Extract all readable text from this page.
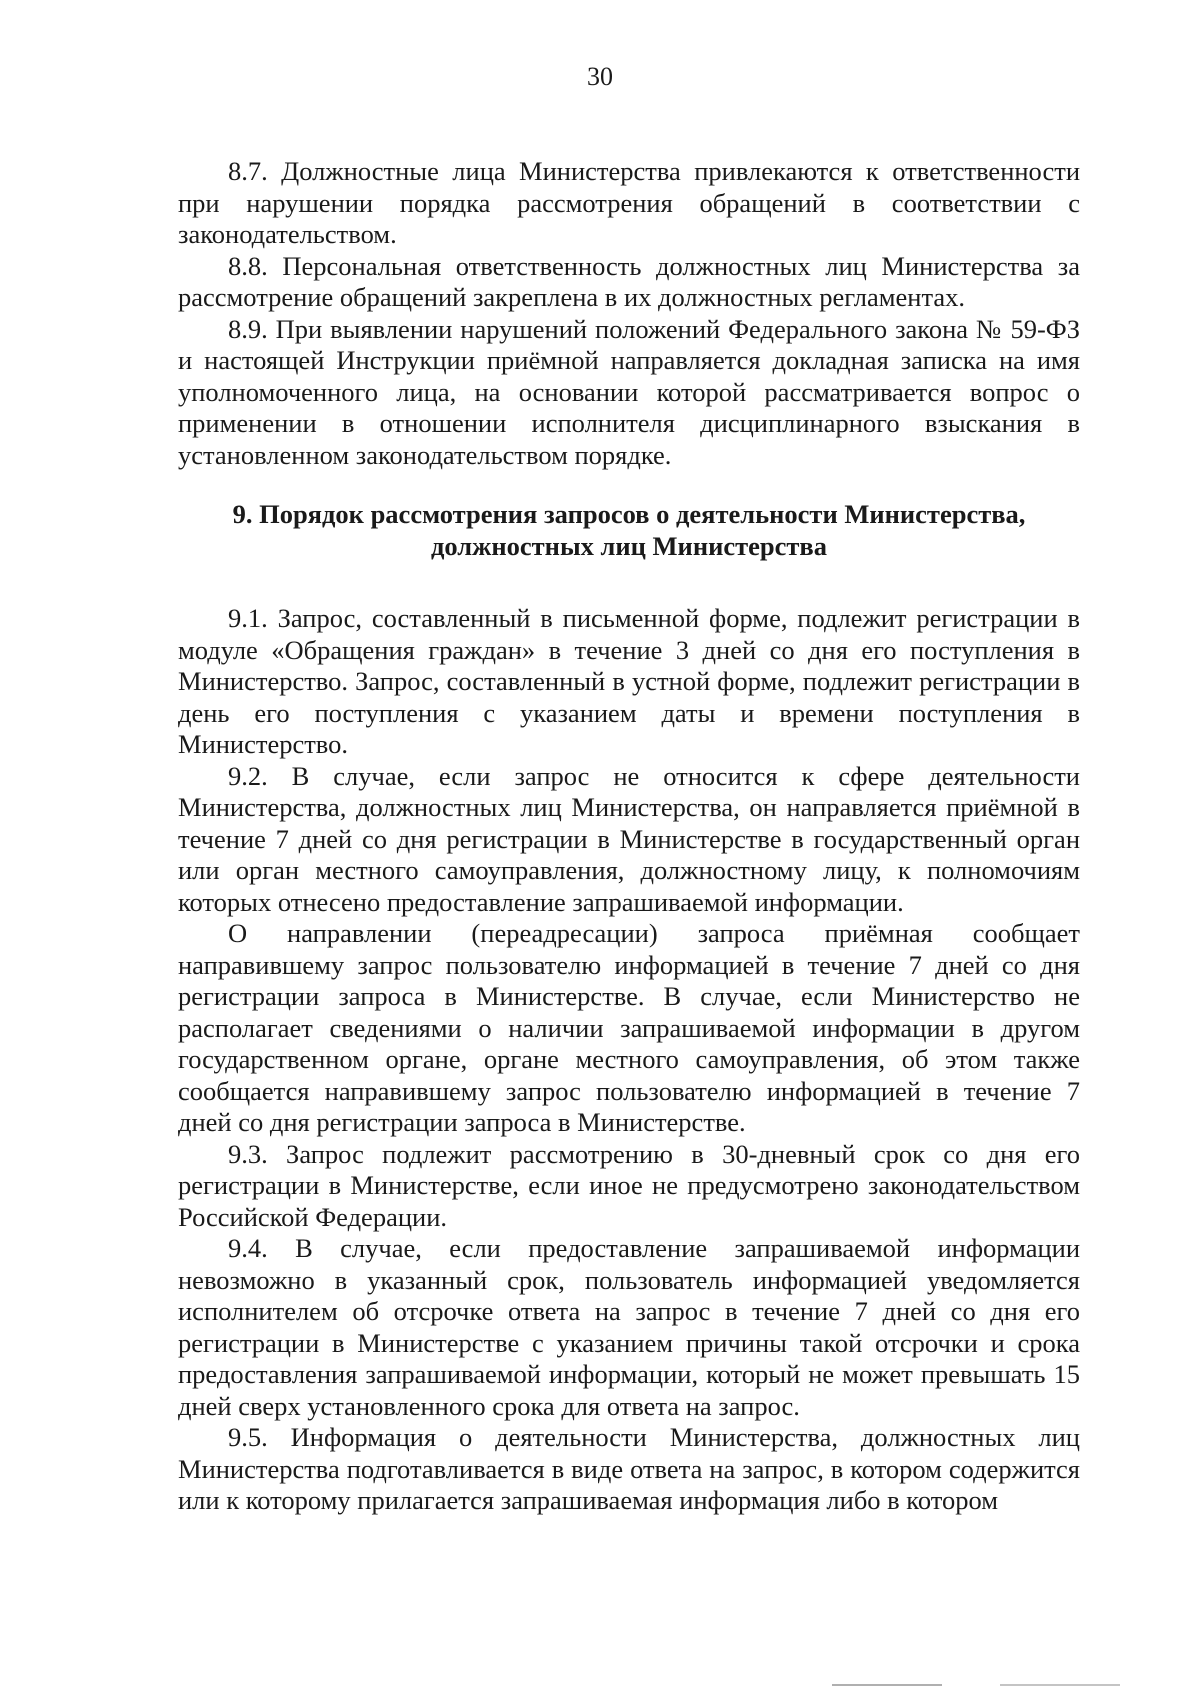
30

8.7. Должностные лица Министерства привлекаются к ответственности при нарушении порядка рассмотрения обращений в соответствии с законодательством.

8.8. Персональная ответственность должностных лиц Министерства за рассмотрение обращений закреплена в их должностных регламентах.

8.9. При выявлении нарушений положений Федерального закона № 59-ФЗ и настоящей Инструкции приёмной направляется докладная записка на имя уполномоченного лица, на основании которой рассматривается вопрос о применении в отношении исполнителя дисциплинарного взыскания в установленном законодательством порядке.

9. Порядок рассмотрения запросов о деятельности Министерства, должностных лиц Министерства

9.1. Запрос, составленный в письменной форме, подлежит регистрации в модуле «Обращения граждан» в течение 3 дней со дня его поступления в Министерство. Запрос, составленный в устной форме, подлежит регистрации в день его поступления с указанием даты и времени поступления в Министерство.

9.2. В случае, если запрос не относится к сфере деятельности Министерства, должностных лиц Министерства, он направляется приёмной в течение 7 дней со дня регистрации в Министерстве в государственный орган или орган местного самоуправления, должностному лицу, к полномочиям которых отнесено предоставление запрашиваемой информации.

О направлении (переадресации) запроса приёмная сообщает направившему запрос пользователю информацией в течение 7 дней со дня регистрации запроса в Министерстве. В случае, если Министерство не располагает сведениями о наличии запрашиваемой информации в другом государственном органе, органе местного самоуправления, об этом также сообщается направившему запрос пользователю информацией в течение 7 дней со дня регистрации запроса в Министерстве.

9.3. Запрос подлежит рассмотрению в 30-дневный срок со дня его регистрации в Министерстве, если иное не предусмотрено законодательством Российской Федерации.

9.4. В случае, если предоставление запрашиваемой информации невозможно в указанный срок, пользователь информацией уведомляется исполнителем об отсрочке ответа на запрос в течение 7 дней со дня его регистрации в Министерстве с указанием причины такой отсрочки и срока предоставления запрашиваемой информации, который не может превышать 15 дней сверх установленного срока для ответа на запрос.

9.5. Информация о деятельности Министерства, должностных лиц Министерства подготавливается в виде ответа на запрос, в котором содержится или к которому прилагается запрашиваемая информация либо в котором
